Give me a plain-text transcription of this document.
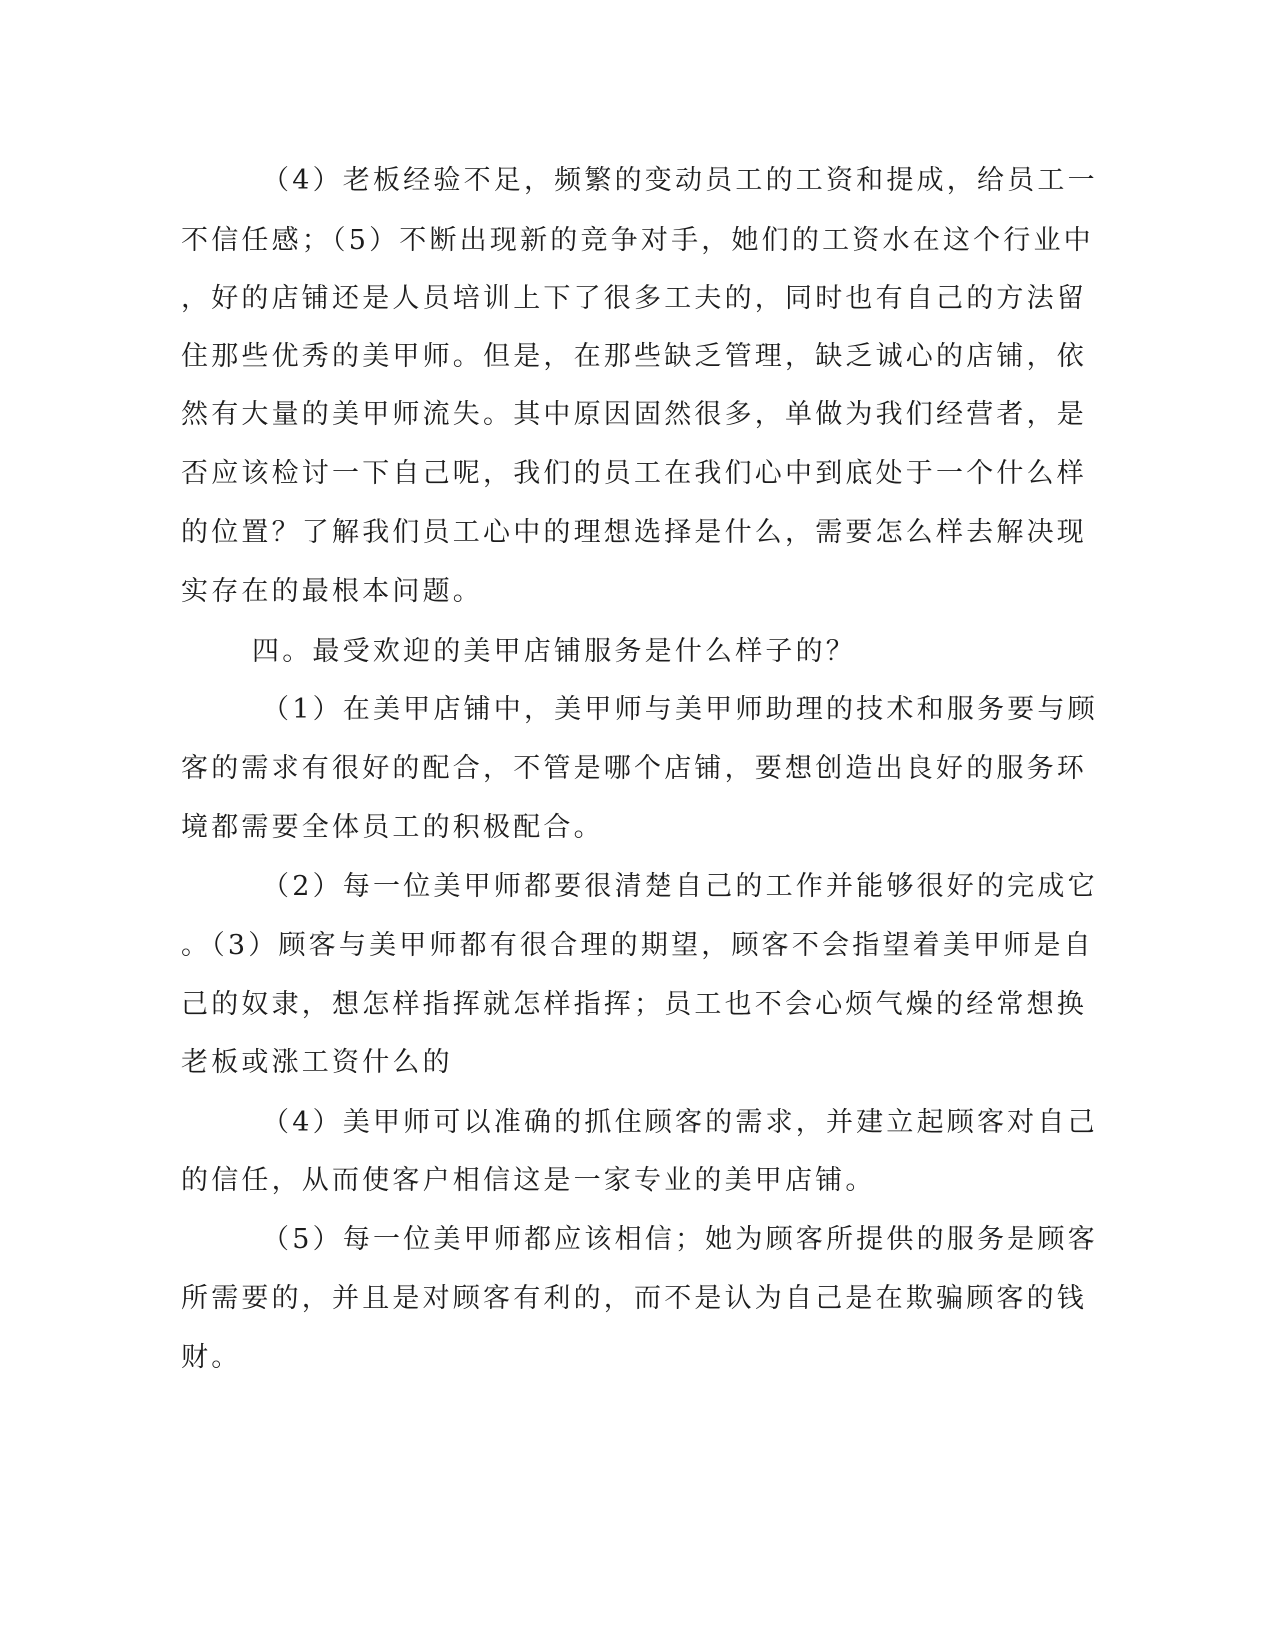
（4）老板经验不足，频繁的变动员工的工资和提成，给员工一
不信任感；（5）不断出现新的竞争对手，她们的工资水在这个行业中
，好的店铺还是人员培训上下了很多工夫的，同时也有自己的方法留
住那些优秀的美甲师。但是，在那些缺乏管理，缺乏诚心的店铺，依
然有大量的美甲师流失。其中原因固然很多，单做为我们经营者，是
否应该检讨一下自己呢，我们的员工在我们心中到底处于一个什么样
的位置？了解我们员工心中的理想选择是什么，需要怎么样去解决现
实存在的最根本问题。
四。最受欢迎的美甲店铺服务是什么样子的？
（1）在美甲店铺中，美甲师与美甲师助理的技术和服务要与顾
客的需求有很好的配合，不管是哪个店铺，要想创造出良好的服务环
境都需要全体员工的积极配合。
（2）每一位美甲师都要很清楚自己的工作并能够很好的完成它
。（3）顾客与美甲师都有很合理的期望，顾客不会指望着美甲师是自
己的奴隶，想怎样指挥就怎样指挥；员工也不会心烦气燥的经常想换
老板或涨工资什么的
（4）美甲师可以准确的抓住顾客的需求，并建立起顾客对自己
的信任，从而使客户相信这是一家专业的美甲店铺。
（5）每一位美甲师都应该相信；她为顾客所提供的服务是顾客
所需要的，并且是对顾客有利的，而不是认为自己是在欺骗顾客的钱
财。
